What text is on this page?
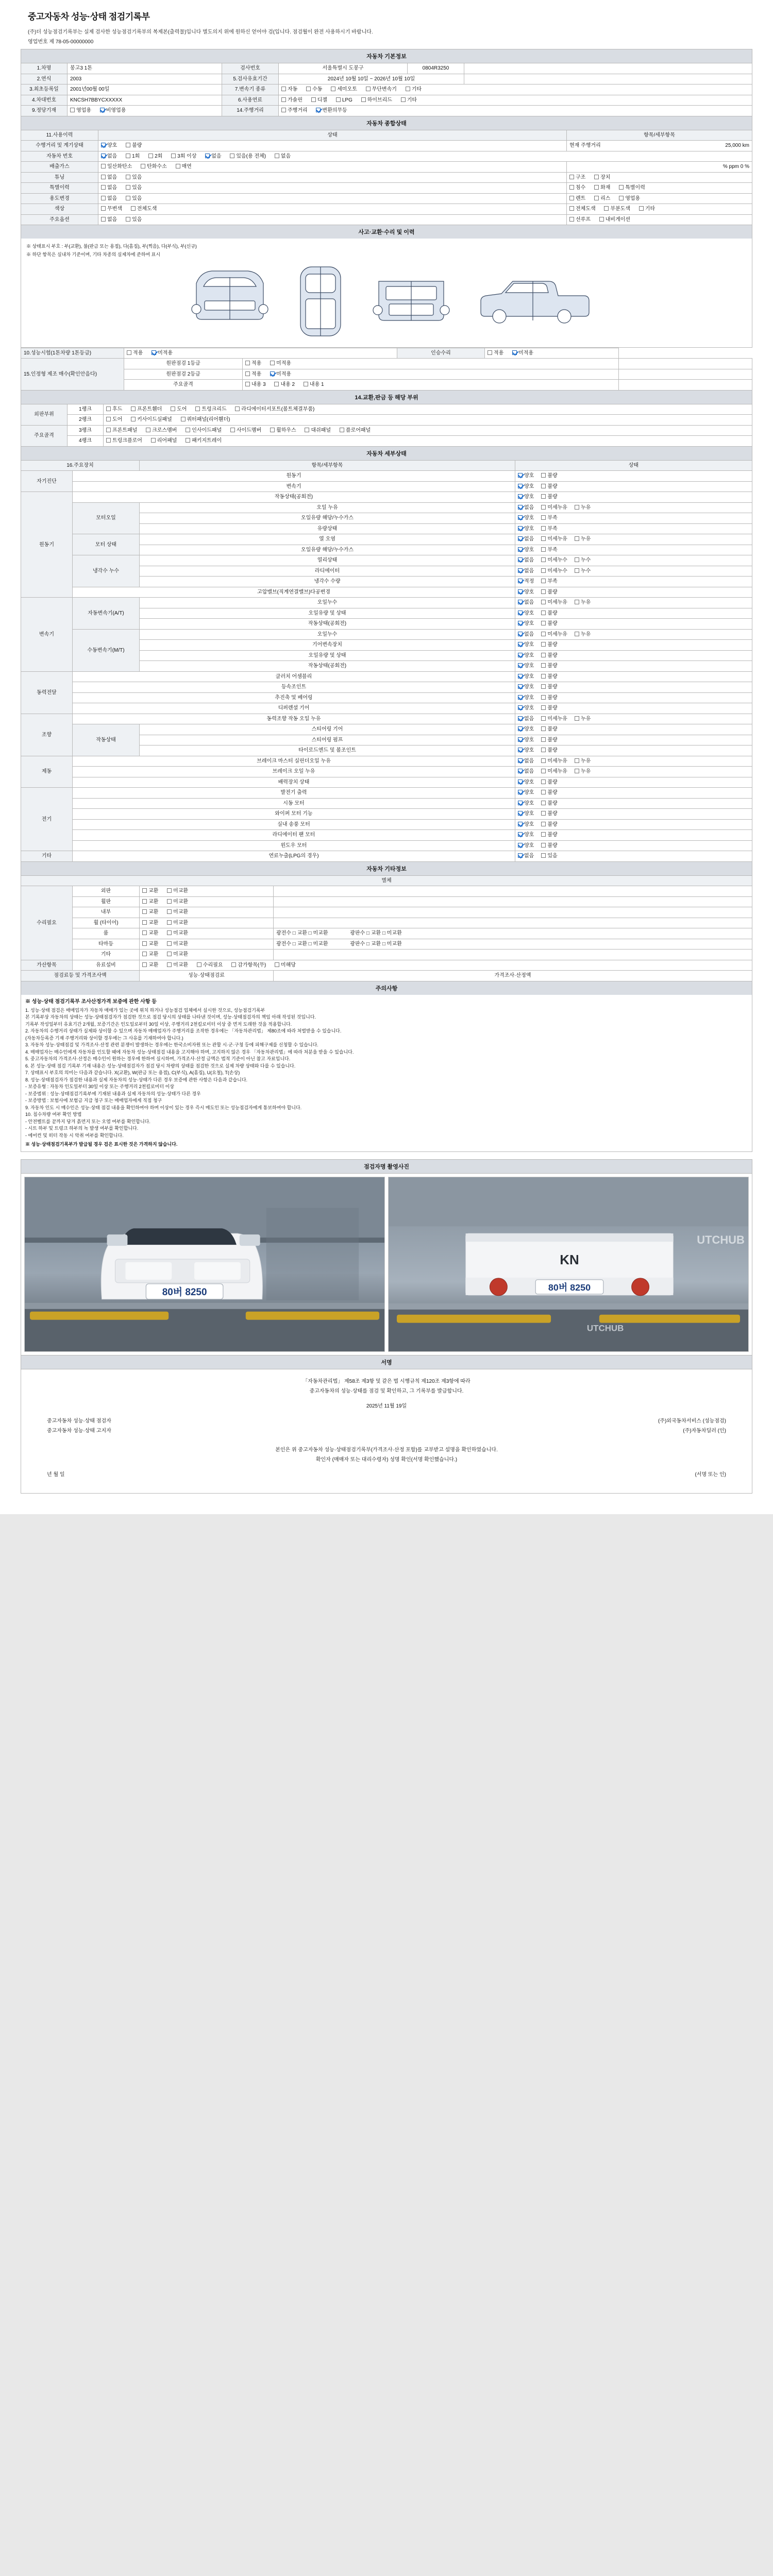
중고자동차 성능·상태 점검기록부
(주)더 성능점검기록부는 실제 검사한 성능점검기록부의 복제본(출력물)입니다 별도의지 위에 원하신 얻어야 검(입니다. 점검월이 완전 사용하시기 바랍니다.
영업번호 제 78-05-00000000
자동차 기본정보
1.차명	봉고3 1톤	검사번호	서울특별시 도봉구	0804R3250	
2.연식	2003	5.검사유효기간	2024년 10월 10일 ~ 2026년 10월 10일		
3.최초등록일	2001년00월 00일	7.변속기 종류	자동 수동 세미오토 무단변속기 기타		
4.차대번호	KNCSH7BBYCXXXXX	6.사용연료	가솔린 디젤 LPG 하이브리드 기타		
9.정당기재	영업용 비영업용	14.주행거리	주행거리 변환의무등		
자동차 종합상태
11.사용이력	상태	항목/세부항목
수행거리 및 계기상태	양호 불량	현재 주행거리 25,000 km

자동차 번호	없음 1회 2회 3회 이상 없음 있음(용 전체) 없음	
배출가스	일산화탄소 탄화수소 매연	% ppm 0 %
튜닝	없음 있음	구조 장치
특별이력	없음 있음	침수 화재 특별이력
용도변경	없음 있음	렌트 리스 영업용
색상	무변색 전체도색	전체도색 부분도색 기타
주요옵션	없음 있음	선루프 내비게이션
사고·교환·수리 및 이력
※ 상태표시 부호 : 부(교환), 불(판금 또는 용접), 다(흠집), 부(찍음), 다(부식), 부(신규)
※ 하단 항목은 실내차 기준이며, 기타 차종의 실제차에 준하여 표시
10.성능시험(1톤차량 1톤등급)	적용 미적용		인승수리	적용 미적용	
15.인정형 제조 매수(확인안음다)	원판점검 1등급	적용 미적용			
	원판점검 2등급	적용 미적용			
	주요골격	내용 3 내용 2 내용 1			
14.교환,판금 등 해당 부위
외판부위	1랭크	후드 프론트휀더 도어 트렁크리드 라디에이터서포트(볼트체결부품)
	2랭크	도어 키사이드실패널 쿼터패널(리어휀더)
주요골격	3랭크	프론트패널 크로스멤버 인사이드패널 사이드멤버 휠하우스 대쉬패널 플로어패널
	4랭크	트렁크플로어 리어패널 패키지트레이
자동차 세부상태
16.주요장치		항목/세부항목	상태
자기진단	원동기		양호 불량
	변속기		양호 불량
원동기	작동상태(공회전)		양호 불량
	모터오일	오일 누유	없음 미세누유 누유
		오일유량 해당/누수가스	양호 부족
		유량상태	양호 부족
	모터 상태	열 오염	없음 미세누유 누유
		오일유량 해당/누수가스	양호 부족
	냉각수 누수	열리상태	없음 미세누수 누수
		라디에이터	없음 미세누수 누수
		냉각수 수량	적정 부족
	고압밸브(직계연결밸브)다공변경		양호 불량
변속기	자동변속기(A/T)	오일누수	없음 미세누유 누유
		오일유량 및 상태	양호 불량
		작동상태(공회전)	양호 불량
	수동변속기(M/T)	오일누수	없음 미세누유 누유
		기어변속장치	양호 불량
		오일유량 및 상태	양호 불량
		작동상태(공회전)	양호 불량
동력전달	클러치 어셈블리		양호 불량
	등속조인트		양호 불량
	추진축 및 베어링		양호 불량
	디퍼렌셜 기어		양호 불량
조향	동력조향 작동 오일 누유		없음 미세누유 누유
	작동상태	스티어링 기어	양호 불량
		스티어링 펌프	양호 불량
		타이로드엔드 및 볼조인트	양호 불량
제동	브레이크 마스터 실린더오일 누유		없음 미세누유 누유
	브레이크 오일 누유		없음 미세누유 누유
	배력장치 상태		양호 불량
전기	발전기 출력		양호 불량
	시동 모터		양호 불량
	와이퍼 모터 기능		양호 불량
	실내 송풍 모터		양호 불량
	라디에이터 팬 모터		양호 불량
	윈도우 모터		양호 불량
기타	연료누출(LPG의 경우)		없음 있음
자동차 기타정보
별체			
수리필요	외판	교환 미교환	
	휠판	교환 미교환	
	내부	교환 미교환	
	휠 (타이어)	교환 미교환	
	룸	교환 미교환	광전수 □ 교환 □ 미교환 광판수 □ 교환 □ 미교환
	타마등	교환 미교환	광전수 □ 교환 □ 미교환 광판수 □ 교환 □ 미교환
	기타	교환 미교환	
가산항목	유료설비	교환 미교환 수리필요 감가항목(무) 미해당	
점검료등 및 가격조사액		성능·상태점검료	가격조사·산정액
주의사항
※ 성능·상태 점검기록부 조사산정가격 보증에 관한 사항 등
1. 성능·상태 점검은 매매업자가 자동차 매매가 있는 곳에 위치 하거나 성능점검 업체에서 실시한 것으로, 성능점검기록부
본 기록부상 자동차의 상태는 성능·상태점검자가 점검한 것으로 점검 당시의 상태를 나타낸 것이며, 성능·상태점검자의 책임 아래 작성된 것입니다.
기록부 작성일부터 유효기간 2개월, 보증기간은 인도일로부터 30일 이상, 주행거리 2천킬로미터 이상 중 먼저 도래한 것을 적용합니다.
2. 자동차의 수행거리 상태가 실제와 상이할 수 있으며 자동차 매매업자가 주행거리를 조작한 경우에는 「자동차관리법」 제80조에 따라 처벌받을 수 있습니다.
(자동차등록증 기재 주행거리와 상이할 경우에는 그 사유를 기재하여야 합니다.)
3. 자동차 성능·상태점검 및 가격조사·산정 관련 분쟁이 발생하는 경우에는 한국소비자원 또는 관할 시·군·구청 등에 피해구제를 신청할 수 있습니다.
4. 매매업자는 매수인에게 자동차를 인도할 때에 자동차 성능·상태점검 내용을 고지해야 하며, 고지하지 않은 경우 「자동차관리법」에 따라 처분을 받을 수 있습니다.
5. 중고자동차의 가격조사·산정은 매수인이 원하는 경우에 한하여 실시하며, 가격조사·산정 금액은 법적 기준이 아닌 참고 자료입니다.
6. 본 성능·상태 점검 기록부 기재 내용은 성능·상태점검자가 점검 당시 차량의 상태를 점검한 것으로 실제 차량 상태와 다를 수 있습니다.
7. 상태표시 부호의 의미는 다음과 같습니다. X(교환), W(판금 또는 용접), C(부식), A(흠집), U(요철), T(손상)
8. 성능·상태점검자가 점검한 내용과 실제 자동차의 성능·상태가 다른 경우 보증에 관한 사항은 다음과 같습니다.
- 보증유형 : 자동차 인도일부터 30일 이상 또는 주행거리 2천킬로미터 이상
- 보증범위 : 성능·상태점검기록부에 기재된 내용과 실제 자동차의 성능·상태가 다른 경우
- 보증방법 : 보험사에 보험금 지급 청구 또는 매매업자에게 직접 청구
9. 자동차 인도 시 매수인은 성능·상태 점검 내용을 확인하여야 하며 이상이 있는 경우 즉시 매도인 또는 성능점검자에게 통보하여야 합니다.
10. 침수차량 여부 확인 방법
- 안전벨트를 끝까지 당겨 흙먼지 또는 오염 여부를 확인합니다.
- 시트 하부 및 트렁크 하부의 녹 발생 여부를 확인합니다.
- 에어컨 및 히터 작동 시 악취 여부를 확인합니다.
※ 성능·상태점검기록부가 발급될 경우 검은 표시한 것은 가격하지 않습니다.
점검자명 촬영사진
80버 8250	80버 8250
KN
UTCHUB
UTCHUB
서명
「자동차관리법」 제58조 제3항 및 같은 법 시행규칙 제120조 제3항에 따라
중고자동차의 성능·상태를 점검 및 확인하고, 그 기록부를 발급합니다.
2025년 11월 19일
중고자동차 성능·상태 점검자	(주)외국동차서비스 (성능점검)
중고자동차 성능·상태 고지자	(주)자동차딜러 (인)
본인은 위 중고자동차 성능·상태점검기록부(가격조사·산정 포함)를 교부받고 설명을 확인하였습니다.
확인자 (매매자 또는 대리수령자) 성명 확인(서명 확인했습니다.)
년 월 일	(서명 또는 인)
